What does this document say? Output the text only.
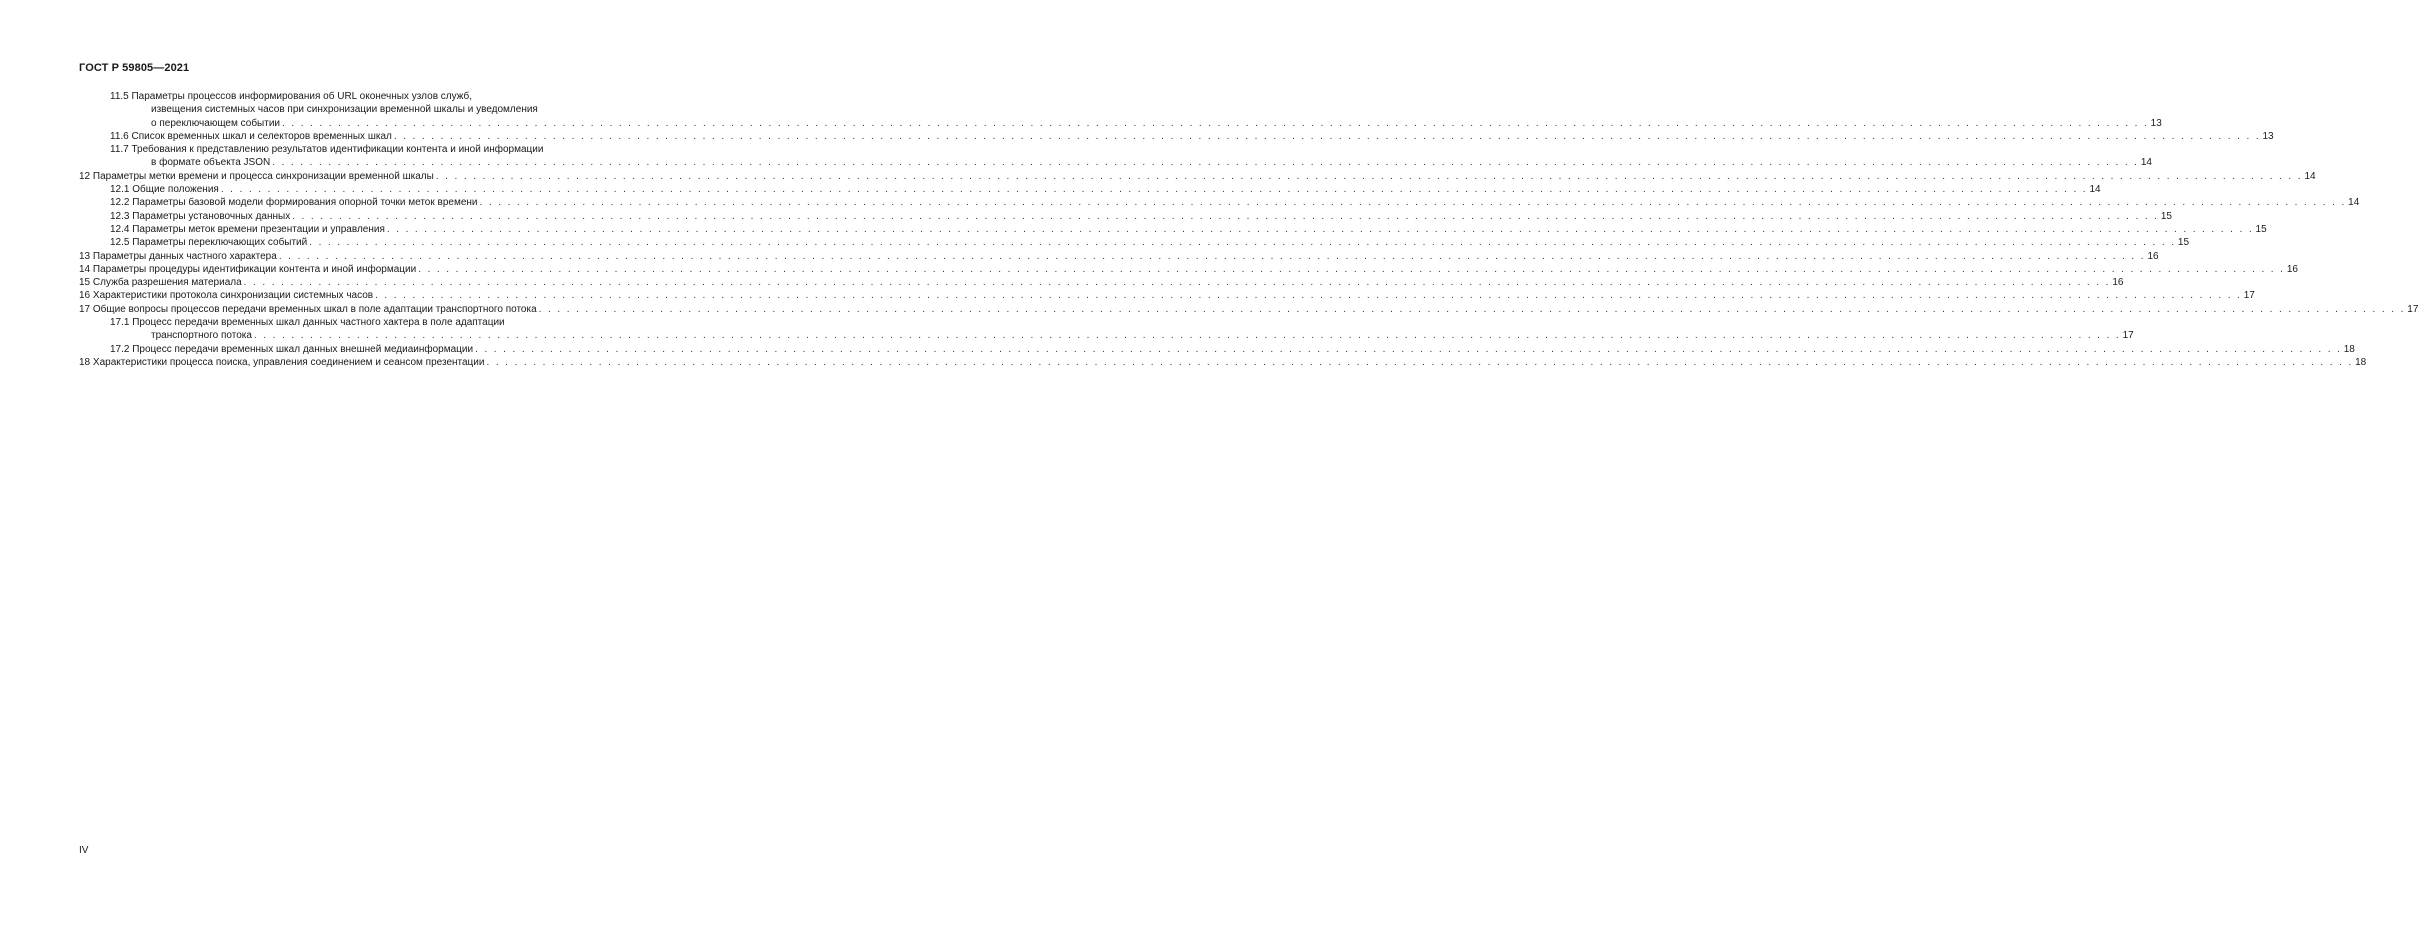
ГОСТ Р 59805—2021
11.5 Параметры процессов информирования об URL оконечных узлов служб,
извещения системных часов при синхронизации временной шкалы и уведомления
о переключающем событии . . . . . . . . . . . . . . . . . . . . . . . . . . . . . . . . . . . . . . . . . . . . . . . . . . . . . . . . . . . . . . . . . . . . . . . . . . . . . . . . . . . . . . . . . . . . . . . . . . . . . . . . . . . . . . . . . . . . . . . . . . . . . . . . . . . . . . . . . . . . . . . . . . . . . . . . . . . . . . . . . . . . . . . . . . . . . . . . . . . . . . . . . . . . . . . . . . . . . . . . 13
11.6 Список временных шкал и селекторов временных шкал . . . . . . . . . . . . . . . . . . . . . . . . . . . . . . . . . . . . . . . . . . . . . . . . . . . . . . . . . . . . . . . . . . . . . . . . . . . . . . . . . . . . . . . . . . . . . . . . . . . . . . . . . . . . . . . . . . . . . . . . . . . . . . . . . . . . . . . . . . . . . . . . . . . . . . . . . . . . . . . . . . . . . . . . . . . . . . . . . . . . . . . . . . . . . . . . . . . . . . . . 13
11.7 Требования к представлению результатов идентификации контента и иной информации
в формате объекта JSON . . . . . . . . . . . . . . . . . . . . . . . . . . . . . . . . . . . . . . . . . . . . . . . . . . . . . . . . . . . . . . . . . . . . . . . . . . . . . . . . . . . . . . . . . . . . . . . . . . . . . . . . . . . . . . . . . . . . . . . . . . . . . . . . . . . . . . . . . . . . . . . . . . . . . . . . . . . . . . . . . . . . . . . . . . . . . . . . . . . . . . . . . . . . . . . . . . . . . . . . 14
12 Параметры метки времени и процесса синхронизации временной шкалы . . . . . . . . . . . . . . . . . . . . . . . . . . . . . . . . . . . . . . . . . . . . . . . . . . . . . . . . . . . . . . . . . . . . . . . . . . . . . . . . . . . . . . . . . . . . . . . . . . . . . . . . . . . . . . . . . . . . . . . . . . . . . . . . . . . . . . . . . . . . . . . . . . . . . . . . . . . . . . . . . . . . . . . . . . . . . . . . . . . . . . . . . . . . . . . . . . . . . . . . 14
12.1 Общие положения . . . . . . . . . . . . . . . . . . . . . . . . . . . . . . . . . . . . . . . . . . . . . . . . . . . . . . . . . . . . . . . . . . . . . . . . . . . . . . . . . . . . . . . . . . . . . . . . . . . . . . . . . . . . . . . . . . . . . . . . . . . . . . . . . . . . . . . . . . . . . . . . . . . . . . . . . . . . . . . . . . . . . . . . . . . . . . . . . . . . . . . . . . . . . . . . . . . . . . . . 14
12.2 Параметры базовой модели формирования опорной точки меток времени . . . . . . . . . . . . . . . . . . . . . . . . . . . . . . . . . . . . . . . . . . . . . . . . . . . . . . . . . . . . . . . . . . . . . . . . . . . . . . . . . . . . . . . . . . . . . . . . . . . . . . . . . . . . . . . . . . . . . . . . . . . . . . . . . . . . . . . . . . . . . . . . . . . . . . . . . . . . . . . . . . . . . . . . . . . . . . . . . . . . . . . . . . . . . . . . . . . . . . . . 14
12.3 Параметры установочных данных . . . . . . . . . . . . . . . . . . . . . . . . . . . . . . . . . . . . . . . . . . . . . . . . . . . . . . . . . . . . . . . . . . . . . . . . . . . . . . . . . . . . . . . . . . . . . . . . . . . . . . . . . . . . . . . . . . . . . . . . . . . . . . . . . . . . . . . . . . . . . . . . . . . . . . . . . . . . . . . . . . . . . . . . . . . . . . . . . . . . . . . . . . . . . . . . . . . . . . . . 15
12.4 Параметры меток времени презентации и управления . . . . . . . . . . . . . . . . . . . . . . . . . . . . . . . . . . . . . . . . . . . . . . . . . . . . . . . . . . . . . . . . . . . . . . . . . . . . . . . . . . . . . . . . . . . . . . . . . . . . . . . . . . . . . . . . . . . . . . . . . . . . . . . . . . . . . . . . . . . . . . . . . . . . . . . . . . . . . . . . . . . . . . . . . . . . . . . . . . . . . . . . . . . . . . . . . . . . . . . . 15
12.5 Параметры переключающих событий . . . . . . . . . . . . . . . . . . . . . . . . . . . . . . . . . . . . . . . . . . . . . . . . . . . . . . . . . . . . . . . . . . . . . . . . . . . . . . . . . . . . . . . . . . . . . . . . . . . . . . . . . . . . . . . . . . . . . . . . . . . . . . . . . . . . . . . . . . . . . . . . . . . . . . . . . . . . . . . . . . . . . . . . . . . . . . . . . . . . . . . . . . . . . . . . . . . . . . . . 15
13 Параметры данных частного характера . . . . . . . . . . . . . . . . . . . . . . . . . . . . . . . . . . . . . . . . . . . . . . . . . . . . . . . . . . . . . . . . . . . . . . . . . . . . . . . . . . . . . . . . . . . . . . . . . . . . . . . . . . . . . . . . . . . . . . . . . . . . . . . . . . . . . . . . . . . . . . . . . . . . . . . . . . . . . . . . . . . . . . . . . . . . . . . . . . . . . . . . . . . . . . . . . . . . . . . . 16
14 Параметры процедуры идентификации контента и иной информации . . . . . . . . . . . . . . . . . . . . . . . . . . . . . . . . . . . . . . . . . . . . . . . . . . . . . . . . . . . . . . . . . . . . . . . . . . . . . . . . . . . . . . . . . . . . . . . . . . . . . . . . . . . . . . . . . . . . . . . . . . . . . . . . . . . . . . . . . . . . . . . . . . . . . . . . . . . . . . . . . . . . . . . . . . . . . . . . . . . . . . . . . . . . . . . . . . . . . . . . 16
15 Служба разрешения материала . . . . . . . . . . . . . . . . . . . . . . . . . . . . . . . . . . . . . . . . . . . . . . . . . . . . . . . . . . . . . . . . . . . . . . . . . . . . . . . . . . . . . . . . . . . . . . . . . . . . . . . . . . . . . . . . . . . . . . . . . . . . . . . . . . . . . . . . . . . . . . . . . . . . . . . . . . . . . . . . . . . . . . . . . . . . . . . . . . . . . . . . . . . . . . . . . . . . . . . . 16
16 Характеристики протокола синхронизации системных часов . . . . . . . . . . . . . . . . . . . . . . . . . . . . . . . . . . . . . . . . . . . . . . . . . . . . . . . . . . . . . . . . . . . . . . . . . . . . . . . . . . . . . . . . . . . . . . . . . . . . . . . . . . . . . . . . . . . . . . . . . . . . . . . . . . . . . . . . . . . . . . . . . . . . . . . . . . . . . . . . . . . . . . . . . . . . . . . . . . . . . . . . . . . . . . . . . . . . . . . . 17
17 Общие вопросы процессов передачи временных шкал в поле адаптации транспортного потока . . . . . . . . . . . . . . . . . . . . . . . . . . . . . . . . . . . . . . . . . . . . . . . . . . . . . . . . . . . . . . . . . . . . . . . . . . . . . . . . . . . . . . . . . . . . . . . . . . . . . . . . . . . . . . . . . . . . . . . . . . . . . . . . . . . . . . . . . . . . . . . . . . . . . . . . . . . . . . . . . . . . . . . . . . . . . . . . . . . . . . . . . . . . . . . . . . . . . . . . 17
17.1 Процесс передачи временных шкал данных частного хактера в поле адаптации
транспортного потока . . . . . . . . . . . . . . . . . . . . . . . . . . . . . . . . . . . . . . . . . . . . . . . . . . . . . . . . . . . . . . . . . . . . . . . . . . . . . . . . . . . . . . . . . . . . . . . . . . . . . . . . . . . . . . . . . . . . . . . . . . . . . . . . . . . . . . . . . . . . . . . . . . . . . . . . . . . . . . . . . . . . . . . . . . . . . . . . . . . . . . . . . . . . . . . . . . . . . . . . 17
17.2 Процесс передачи временных шкал данных внешней медиаинформации . . . . . . . . . . . . . . . . . . . . . . . . . . . . . . . . . . . . . . . . . . . . . . . . . . . . . . . . . . . . . . . . . . . . . . . . . . . . . . . . . . . . . . . . . . . . . . . . . . . . . . . . . . . . . . . . . . . . . . . . . . . . . . . . . . . . . . . . . . . . . . . . . . . . . . . . . . . . . . . . . . . . . . . . . . . . . . . . . . . . . . . . . . . . . . . . . . . . . . . . 18
18 Характеристики процесса поиска, управления соединением и сеансом презентации . . . . . . . . . . . . . . . . . . . . . . . . . . . . . . . . . . . . . . . . . . . . . . . . . . . . . . . . . . . . . . . . . . . . . . . . . . . . . . . . . . . . . . . . . . . . . . . . . . . . . . . . . . . . . . . . . . . . . . . . . . . . . . . . . . . . . . . . . . . . . . . . . . . . . . . . . . . . . . . . . . . . . . . . . . . . . . . . . . . . . . . . . . . . . . . . . . . . . . . . 18
IV
